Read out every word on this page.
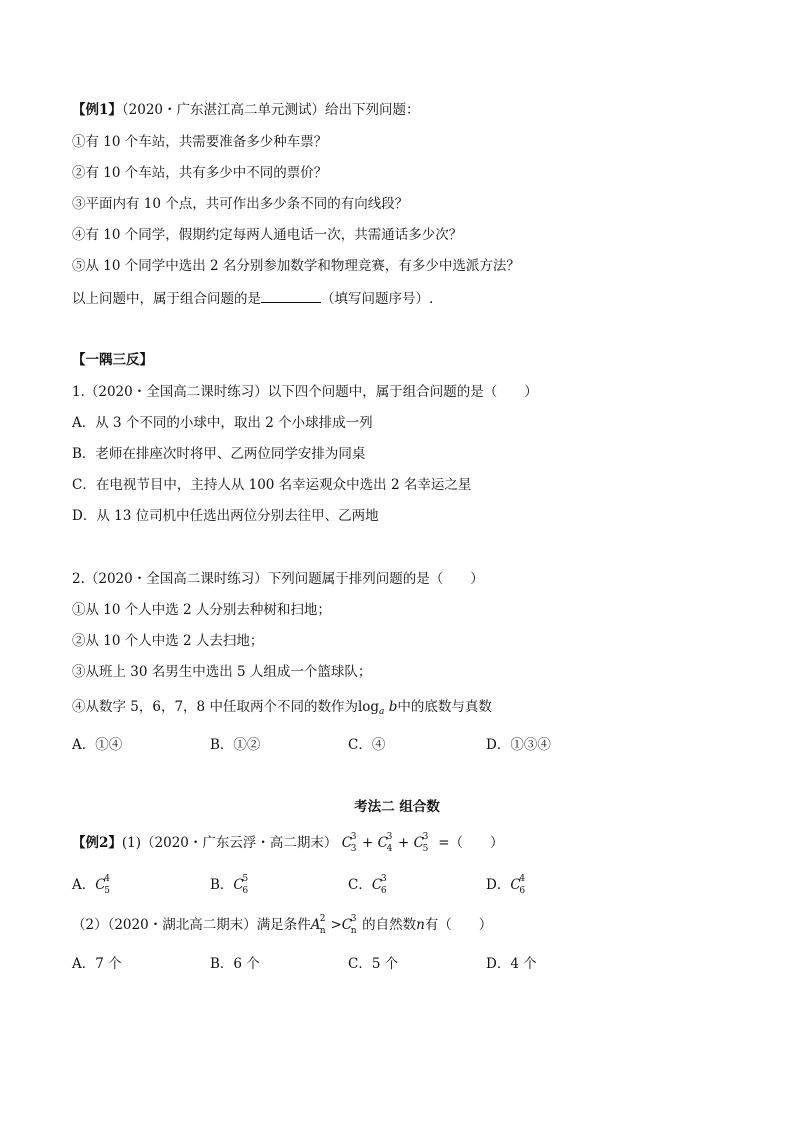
【例1】（2020・广东湛江高二单元测试）给出下列问题：
①有 10 个车站，共需要准备多少种车票？
②有 10 个车站，共有多少中不同的票价？
③平面内有 10 个点，共可作出多少条不同的有向线段？
④有 10 个同学，假期约定每两人通电话一次，共需通话多少次？
⑤从 10 个同学中选出 2 名分别参加数学和物理竞赛，有多少中选派方法？
以上问题中，属于组合问题的是	（填写问题序号）.
【一隅三反】
1.（2020・全国高二课时练习）以下四个问题中，属于组合问题的是（　　）
A．从 3 个不同的小球中，取出 2 个小球排成一列
B．老师在排座次时将甲、乙两位同学安排为同桌
C．在电视节目中，主持人从 100 名幸运观众中选出 2 名幸运之星
D．从 13 位司机中任选出两位分别去往甲、乙两地
2.（2020・全国高二课时练习）下列问题属于排列问题的是（　　）
①从 10 个人中选 2 人分别去种树和扫地；
②从 10 个人中选 2 人去扫地；
③从班上 30 名男生中选出 5 人组成一个篮球队；
④从数字 5，6，7，8 中任取两个不同的数作为$\log_a b$中的底数与真数
A．①④	B．①②	C．④	D．①③④
考法二 组合数
【例2】(1)（2020・广东云浮・高二期末） C
3
3 + C
3
4 + C
3
5 =（　　）
A．C
4
5	B．C
5
6	C．C
3
6	D．C
4
6
（2）（2020・湖北高二期末）满足条件A 2
n >C
3
n 的自然数n有（　　）
A．7 个	B．6 个	C．5 个	D．4 个
